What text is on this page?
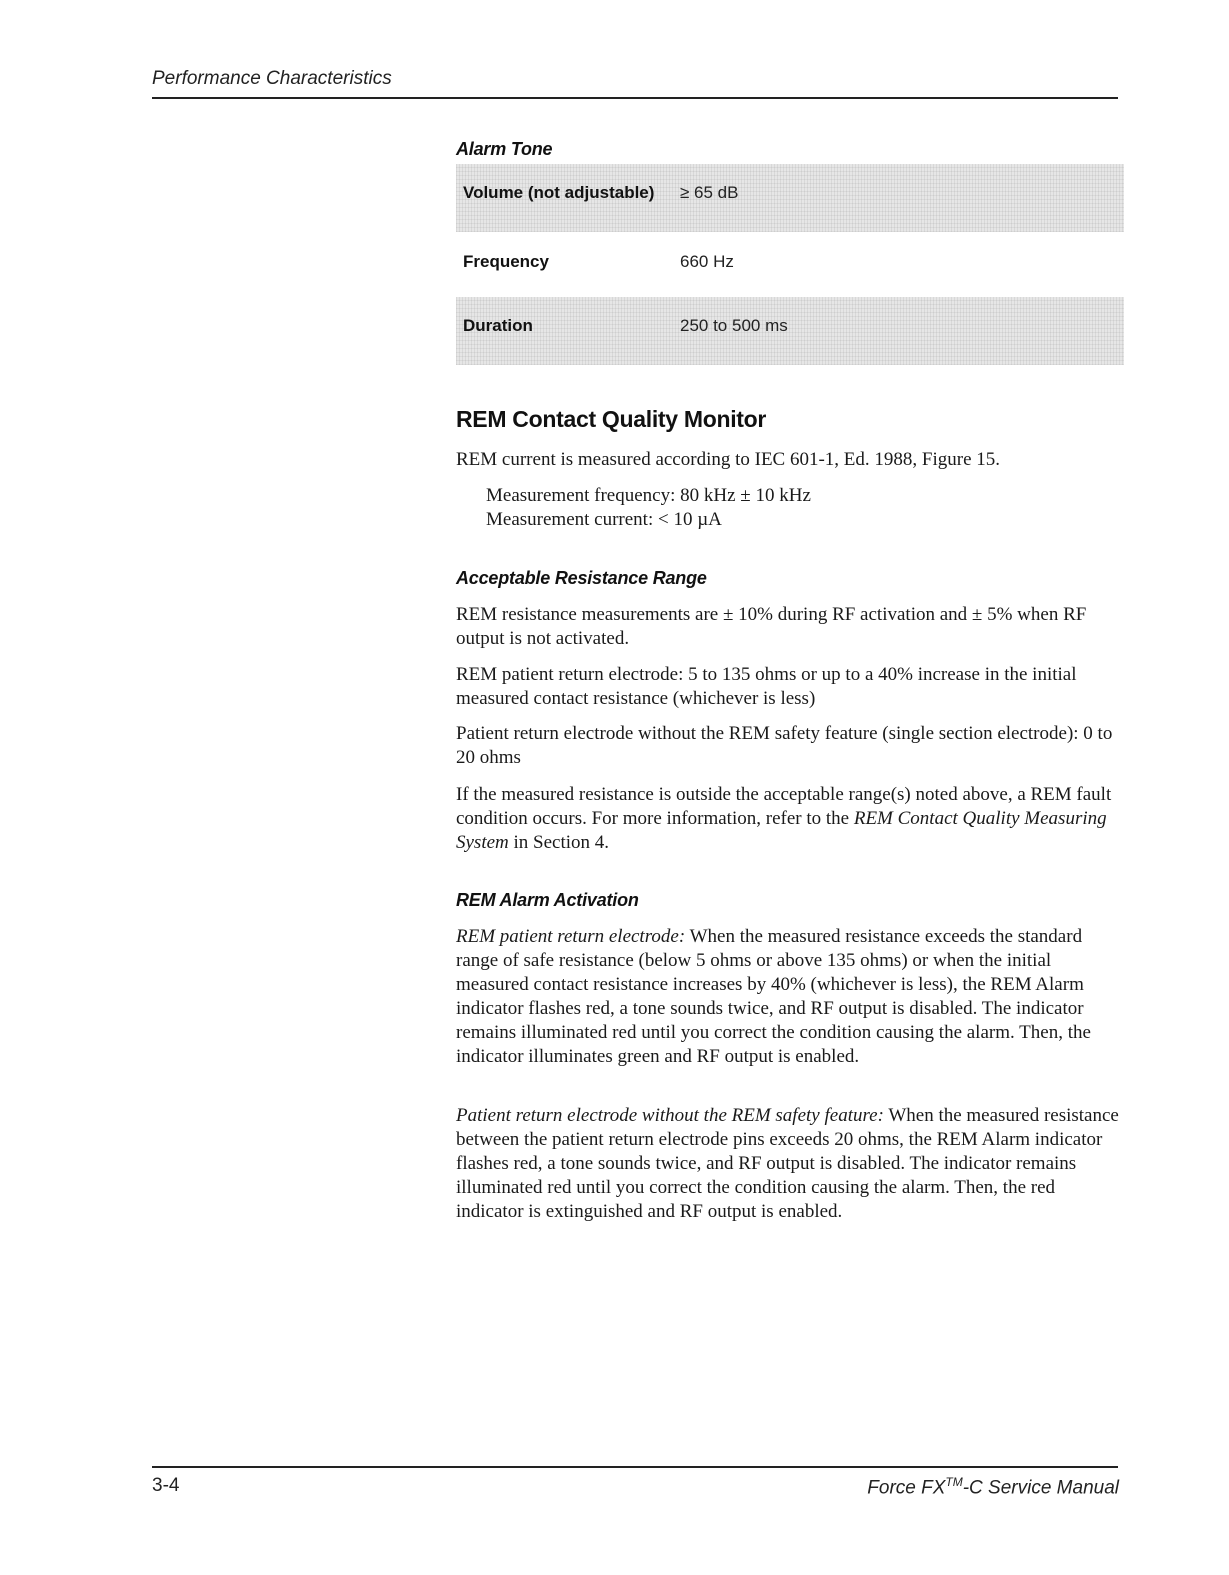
Performance Characteristics
Alarm Tone
Volume (not adjustable) ≥ 65 dB
Frequency	660 Hz
Duration	250 to 500 ms
REM Contact Quality Monitor
REM current is measured according to IEC 601-1, Ed. 1988, Figure 15.
Measurement frequency: 80 kHz ± 10 kHz
Measurement current: < 10 µA
Acceptable Resistance Range
REM resistance measurements are ± 10% during RF activation and ± 5% when RF output is not activated.
REM patient return electrode: 5 to 135 ohms or up to a 40% increase in the initial measured contact resistance (whichever is less)
Patient return electrode without the REM safety feature (single section electrode): 0 to 20 ohms
If the measured resistance is outside the acceptable range(s) noted above, a REM fault condition occurs. For more information, refer to the REM Contact Quality Measuring System in Section 4.
REM Alarm Activation
REM patient return electrode: When the measured resistance exceeds the standard range of safe resistance (below 5 ohms or above 135 ohms) or when the initial measured contact resistance increases by 40% (whichever is less), the REM Alarm indicator flashes red, a tone sounds twice, and RF output is disabled. The indicator remains illuminated red until you correct the condition causing the alarm. Then, the indicator illuminates green and RF output is enabled.
Patient return electrode without the REM safety feature: When the measured resistance between the patient return electrode pins exceeds 20 ohms, the REM Alarm indicator flashes red, a tone sounds twice, and RF output is disabled. The indicator remains illuminated red until you correct the condition causing the alarm. Then, the red indicator is extinguished and RF output is enabled.
3-4	Force FX™-C Service Manual
